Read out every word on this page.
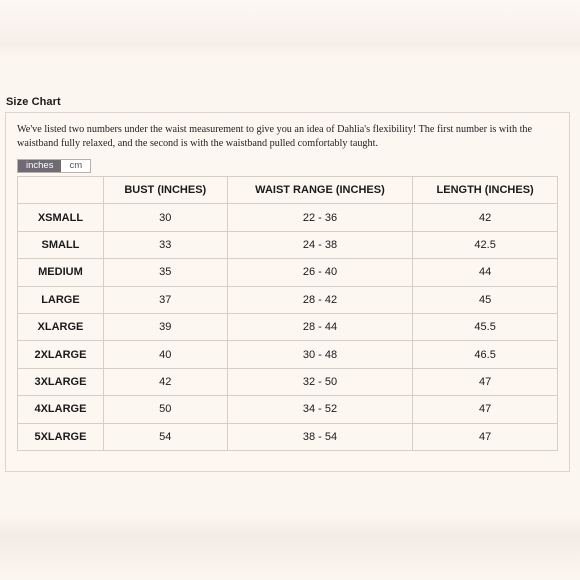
Size Chart
We've listed two numbers under the waist measurement to give you an idea of Dahlia's flexibility! The first number is with the waistband fully relaxed, and the second is with the waistband pulled comfortably taught.
inches	cm
	BUST (INCHES)	WAIST RANGE (INCHES)	LENGTH (INCHES)
XSMALL	30	22 - 36	42
SMALL	33	24 - 38	42.5
MEDIUM	35	26 - 40	44
LARGE	37	28 - 42	45
XLARGE	39	28 - 44	45.5
2XLARGE	40	30 - 48	46.5
3XLARGE	42	32 - 50	47
4XLARGE	50	34 - 52	47
5XLARGE	54	38 - 54	47
